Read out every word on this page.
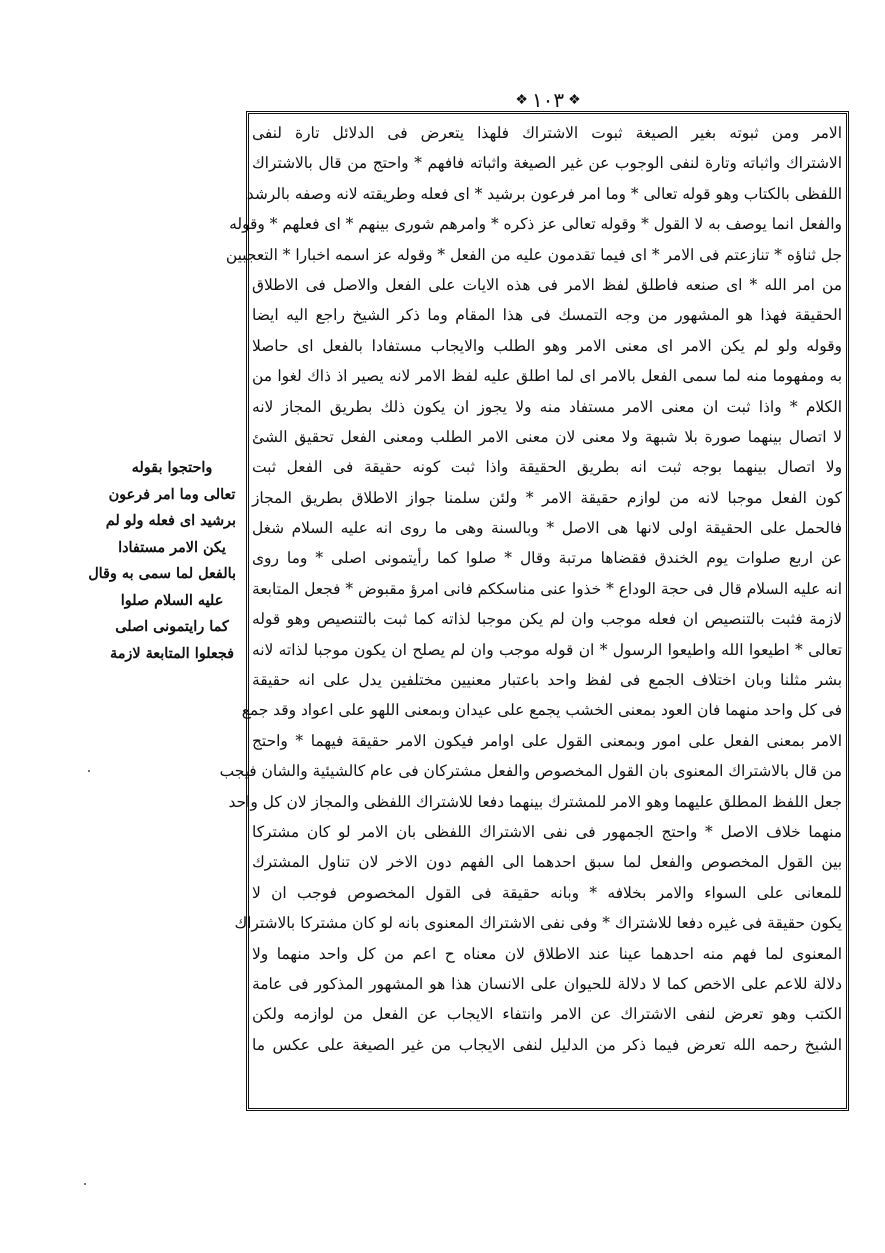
❖
١٠٣
❖
الامر ومن ثبوته بغير الصيغة ثبوت الاشتراك فلهذا يتعرض فى الدلائل تارة لنفى
الاشتراك واثباته وتارة لنفى الوجوب عن غير الصيغة واثباته فافهم * واحتج من قال بالاشتراك
اللفظى بالكتاب وهو قوله تعالى * وما امر فرعون برشيد * اى فعله وطريقته لانه وصفه بالرشد
والفعل انما يوصف به لا القول * وقوله تعالى عز ذكره * وامرهم شورى بينهم * اى فعلهم * وقوله
جل ثناؤه * تنازعتم فى الامر * اى فيما تقدمون عليه من الفعل * وقوله عز اسمه اخبارا * التعجبين
من امر الله * اى صنعه فاطلق لفظ الامر فى هذه الايات على الفعل والاصل فى الاطلاق
الحقيقة فهذا هو المشهور من وجه التمسك فى هذا المقام وما ذكر الشيخ راجع اليه ايضا
وقوله ولو لم يكن الامر اى معنى الامر وهو الطلب والايجاب مستفادا بالفعل اى حاصلا
به ومفهوما منه لما سمى الفعل بالامر اى لما اطلق عليه لفظ الامر لانه يصير اذ ذاك لغوا من
الكلام * واذا ثبت ان معنى الامر مستفاد منه ولا يجوز ان يكون ذلك بطريق المجاز لانه
لا اتصال بينهما صورة بلا شبهة ولا معنى لان معنى الامر الطلب ومعنى الفعل تحقيق الشئ
ولا اتصال بينهما بوجه ثبت انه بطريق الحقيقة واذا ثبت كونه حقيقة فى الفعل ثبت
كون الفعل موجبا لانه من لوازم حقيقة الامر * ولئن سلمنا جواز الاطلاق بطريق المجاز
فالحمل على الحقيقة اولى لانها هى الاصل * وبالسنة وهى ما روى انه عليه السلام شغل
عن اربع صلوات يوم الخندق فقضاها مرتبة وقال * صلوا كما رأيتمونى اصلى * وما روى
انه عليه السلام قال فى حجة الوداع * خذوا عنى مناسككم فانى امرؤ مقبوض * فجعل المتابعة
لازمة فثبت بالتنصيص ان فعله موجب وان لم يكن موجبا لذاته كما ثبت بالتنصيص وهو قوله
تعالى * اطيعوا الله واطيعوا الرسول * ان قوله موجب وان لم يصلح ان يكون موجبا لذاته لانه
بشر مثلنا وبان اختلاف الجمع فى لفظ واحد باعتبار معنيين مختلفين يدل على انه حقيقة
فى كل واحد منهما فان العود بمعنى الخشب يجمع على عيدان وبمعنى اللهو على اعواد وقد جمع
الامر بمعنى الفعل على امور وبمعنى القول على اوامر فيكون الامر حقيقة فيهما * واحتج
من قال بالاشتراك المعنوى بان القول المخصوص والفعل مشتركان فى عام كالشيئية والشان فيجب
جعل اللفظ المطلق عليهما وهو الامر للمشترك بينهما دفعا للاشتراك اللفظى والمجاز لان كل واحد
منهما خلاف الاصل * واحتج الجمهور فى نفى الاشتراك اللفظى بان الامر لو كان مشتركا
بين القول المخصوص والفعل لما سبق احدهما الى الفهم دون الاخر لان تناول المشترك
للمعانى على السواء والامر بخلافه * وبانه حقيقة فى القول المخصوص فوجب ان لا
يكون حقيقة فى غيره دفعا للاشتراك * وفى نفى الاشتراك المعنوى بانه لو كان مشتركا بالاشتراك
المعنوى لما فهم منه احدهما عينا عند الاطلاق لان معناه ح اعم من كل واحد منهما ولا
دلالة للاعم على الاخص كما لا دلالة للحيوان على الانسان هذا هو المشهور المذكور فى عامة
الكتب وهو تعرض لنفى الاشتراك عن الامر وانتفاء الايجاب عن الفعل من لوازمه ولكن
الشيخ رحمه الله تعرض فيما ذكر من الدليل لنفى الايجاب من غير الصيغة على عكس ما
واحتجوا بقوله
تعالى وما امر فرعون
برشيد اى فعله ولو لم
يكن الامر مستفادا
بالفعل لما سمى به وقال
عليه السلام صلوا
كما رايتمونى اصلى
فجعلوا المتابعة لازمة
